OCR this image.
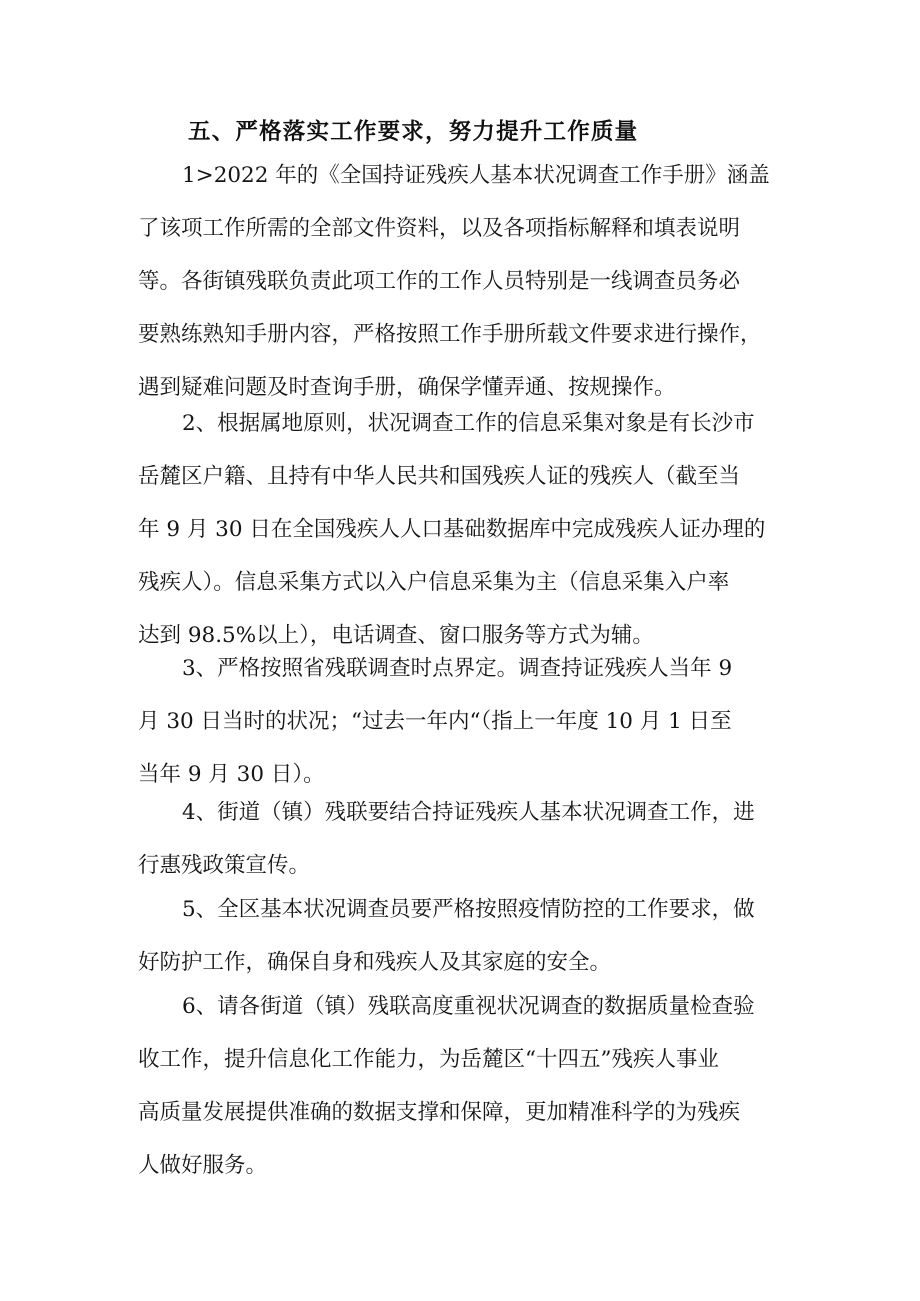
五、严格落实工作要求，努力提升工作质量
1>2022 年的《全国持证残疾人基本状况调查工作手册》涵盖
了该项工作所需的全部文件资料，以及各项指标解释和填表说明
等。各街镇残联负责此项工作的工作人员特别是一线调查员务必
要熟练熟知手册内容，严格按照工作手册所载文件要求进行操作，
遇到疑难问题及时查询手册，确保学懂弄通、按规操作。
2、根据属地原则，状况调查工作的信息采集对象是有长沙市
岳麓区户籍、且持有中华人民共和国残疾人证的残疾人（截至当
年 9 月 30 日在全国残疾人人口基础数据库中完成残疾人证办理的
残疾人）。信息采集方式以入户信息采集为主（信息采集入户率
达到 98.5%以上），电话调查、窗口服务等方式为辅。
3、严格按照省残联调查时点界定。调查持证残疾人当年 9
月 30 日当时的状况；“过去一年内“（指上一年度 10 月 1 日至
当年 9 月 30 日）。
4、街道（镇）残联要结合持证残疾人基本状况调查工作，进
行惠残政策宣传。
5、全区基本状况调查员要严格按照疫情防控的工作要求，做
好防护工作，确保自身和残疾人及其家庭的安全。
6、请各街道（镇）残联高度重视状况调查的数据质量检查验
收工作，提升信息化工作能力，为岳麓区“十四五”残疾人事业
高质量发展提供准确的数据支撑和保障，更加精准科学的为残疾
人做好服务。
